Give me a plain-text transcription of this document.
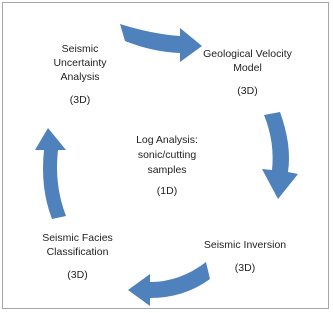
Seismic
Uncertainty
Analysis
(3D)
Geological Velocity
Model
(3D)
Seismic Inversion
(3D)
Seismic Facies
Classification
(3D)
Log Analysis:
sonic/cutting
samples
(1D)
